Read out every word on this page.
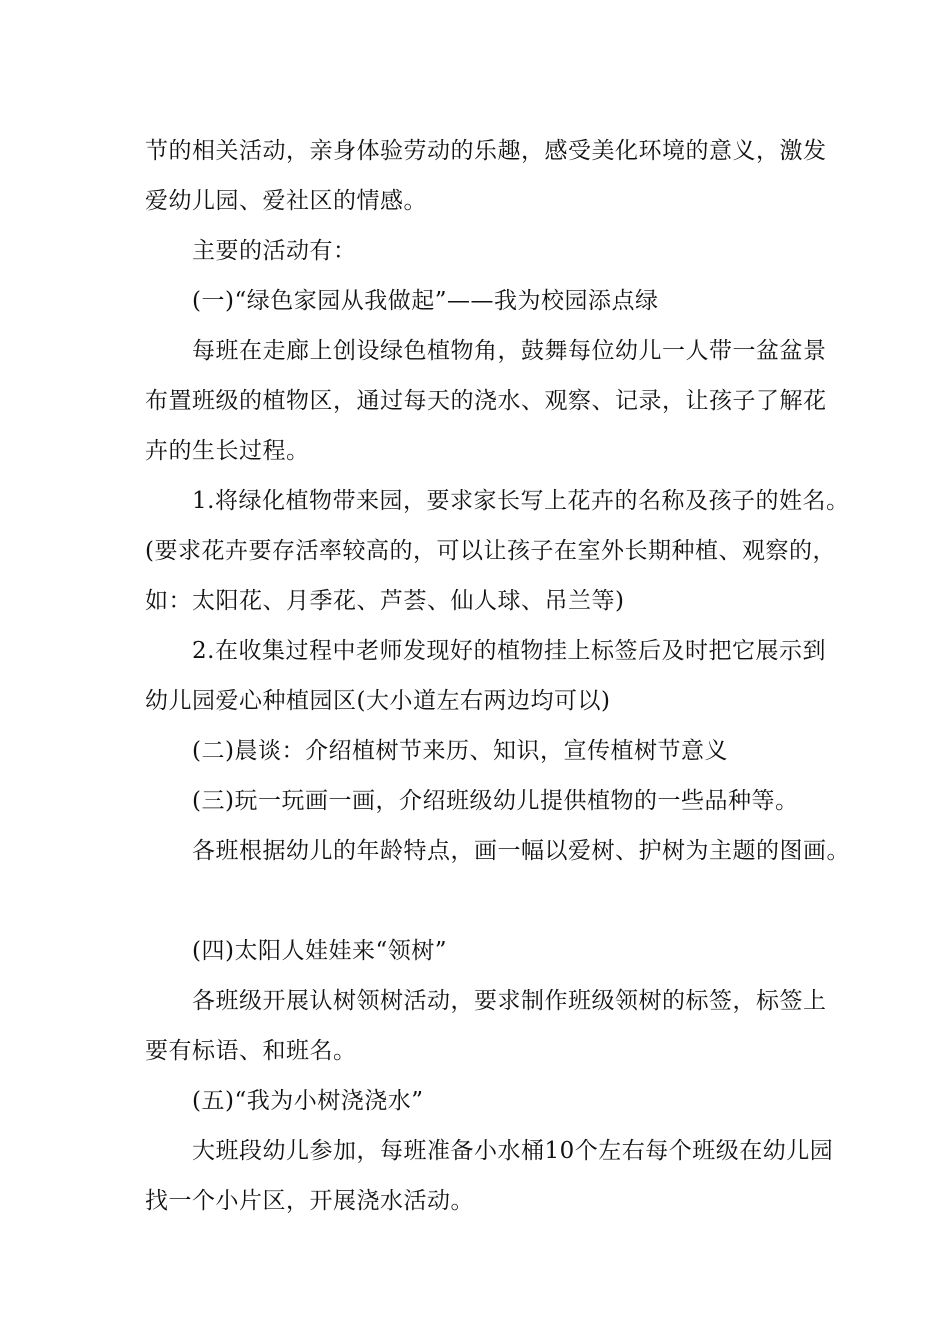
节的相关活动，亲身体验劳动的乐趣，感受美化环境的意义，激发
爱幼儿园、爱社区的情感。
主要的活动有：
(一)“绿色家园从我做起”——我为校园添点绿
每班在走廊上创设绿色植物角，鼓舞每位幼儿一人带一盆盆景
布置班级的植物区，通过每天的浇水、观察、记录，让孩子了解花
卉的生长过程。
1.将绿化植物带来园，要求家长写上花卉的名称及孩子的姓名。
(要求花卉要存活率较高的，可以让孩子在室外长期种植、观察的，
如：太阳花、月季花、芦荟、仙人球、吊兰等)
2.在收集过程中老师发现好的植物挂上标签后及时把它展示到
幼儿园爱心种植园区(大小道左右两边均可以)
(二)晨谈：介绍植树节来历、知识，宣传植树节意义
(三)玩一玩画一画，介绍班级幼儿提供植物的一些品种等。
各班根据幼儿的年龄特点，画一幅以爱树、护树为主题的图画。
(四)太阳人娃娃来“领树”
各班级开展认树领树活动，要求制作班级领树的标签，标签上
要有标语、和班名。
(五)“我为小树浇浇水”
大班段幼儿参加，每班准备小水桶10个左右每个班级在幼儿园
找一个小片区，开展浇水活动。
